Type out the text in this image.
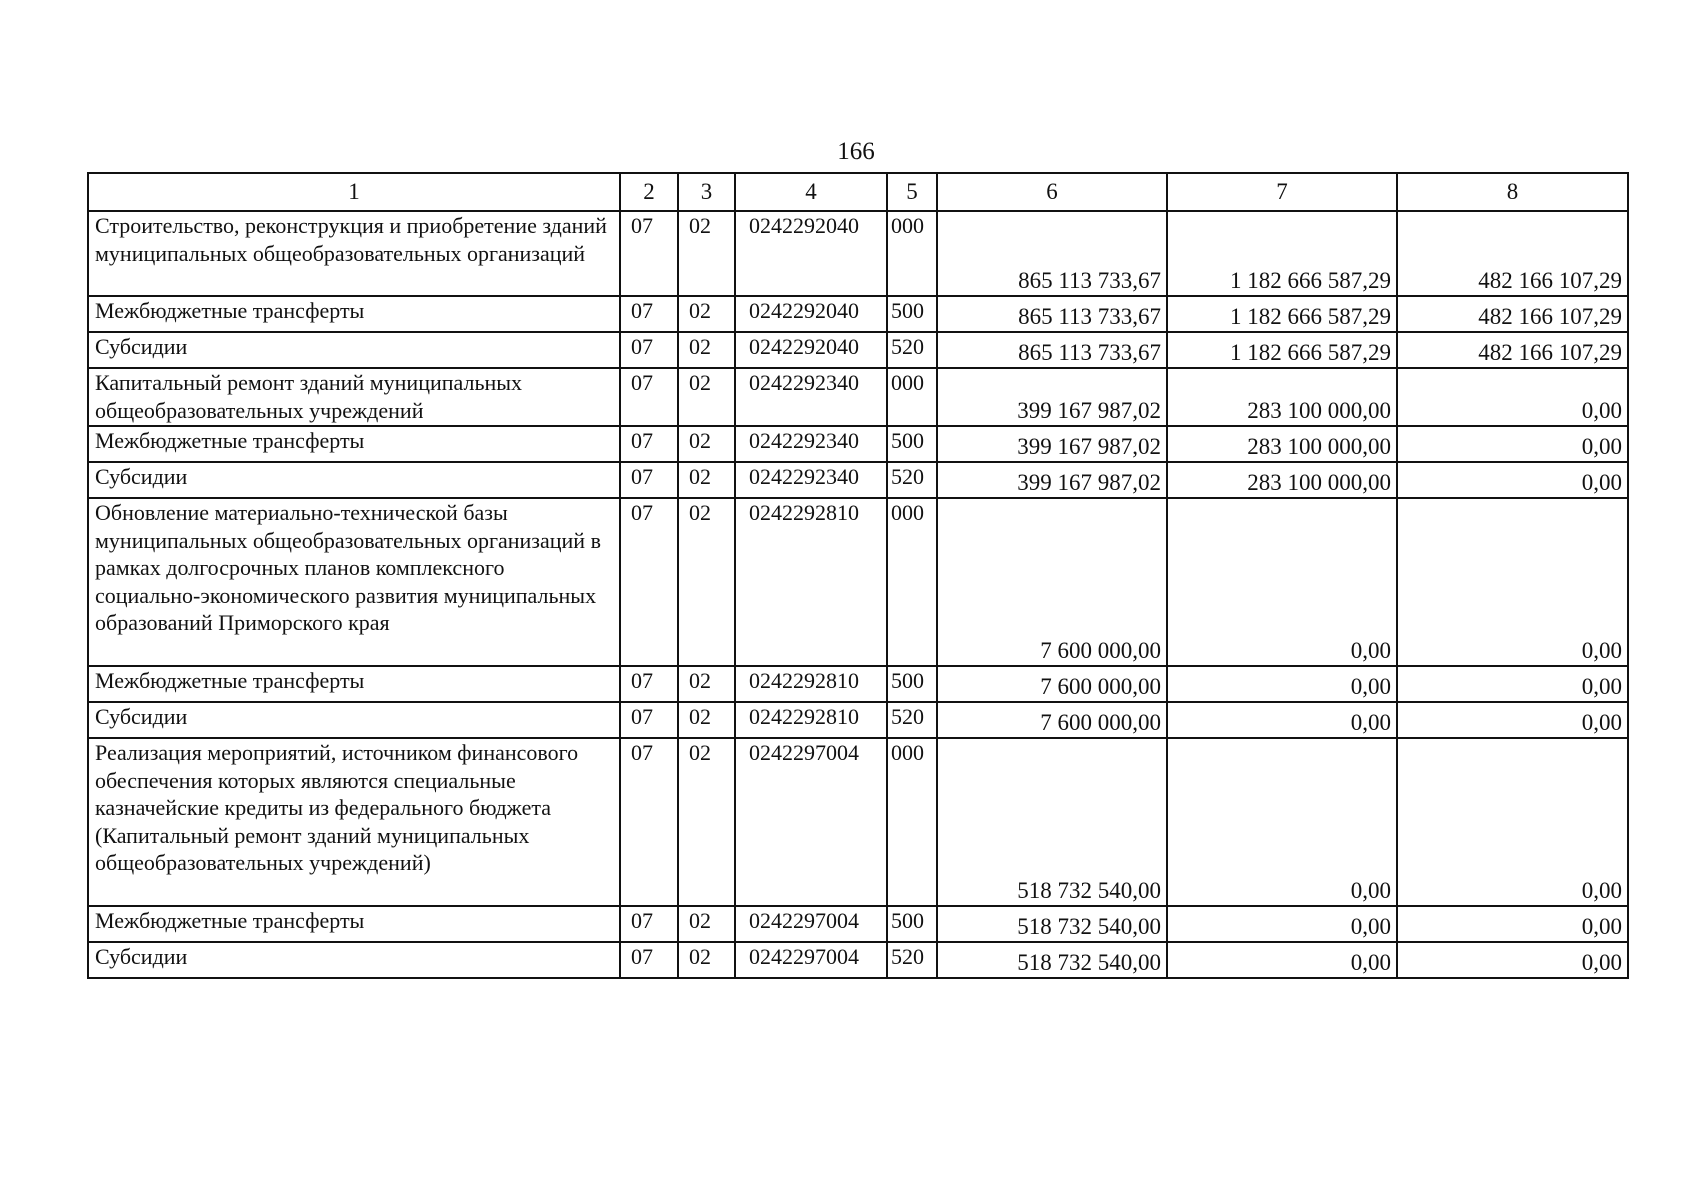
166
1	2	3	4	5	6	7	8
Строительство, реконструкция и приобретение зданий муниципальных общеобразовательных организаций	07	02	0242292040	000	865 113 733,67	1 182 666 587,29	482 166 107,29
Межбюджетные трансферты	07	02	0242292040	500	865 113 733,67	1 182 666 587,29	482 166 107,29
Субсидии	07	02	0242292040	520	865 113 733,67	1 182 666 587,29	482 166 107,29
Капитальный ремонт зданий муниципальных общеобразовательных учреждений	07	02	0242292340	000	399 167 987,02	283 100 000,00	0,00
Межбюджетные трансферты	07	02	0242292340	500	399 167 987,02	283 100 000,00	0,00
Субсидии	07	02	0242292340	520	399 167 987,02	283 100 000,00	0,00
Обновление материально-технической базы муниципальных общеобразовательных организаций в рамках долгосрочных планов комплексного социально-экономического развития муниципальных образований Приморского края	07	02	0242292810	000	7 600 000,00	0,00	0,00
Межбюджетные трансферты	07	02	0242292810	500	7 600 000,00	0,00	0,00
Субсидии	07	02	0242292810	520	7 600 000,00	0,00	0,00
Реализация мероприятий, источником финансового обеспечения которых являются специальные казначейские кредиты из федерального бюджета (Капитальный ремонт зданий муниципальных общеобразовательных учреждений)	07	02	0242297004	000	518 732 540,00	0,00	0,00
Межбюджетные трансферты	07	02	0242297004	500	518 732 540,00	0,00	0,00
Субсидии	07	02	0242297004	520	518 732 540,00	0,00	0,00
